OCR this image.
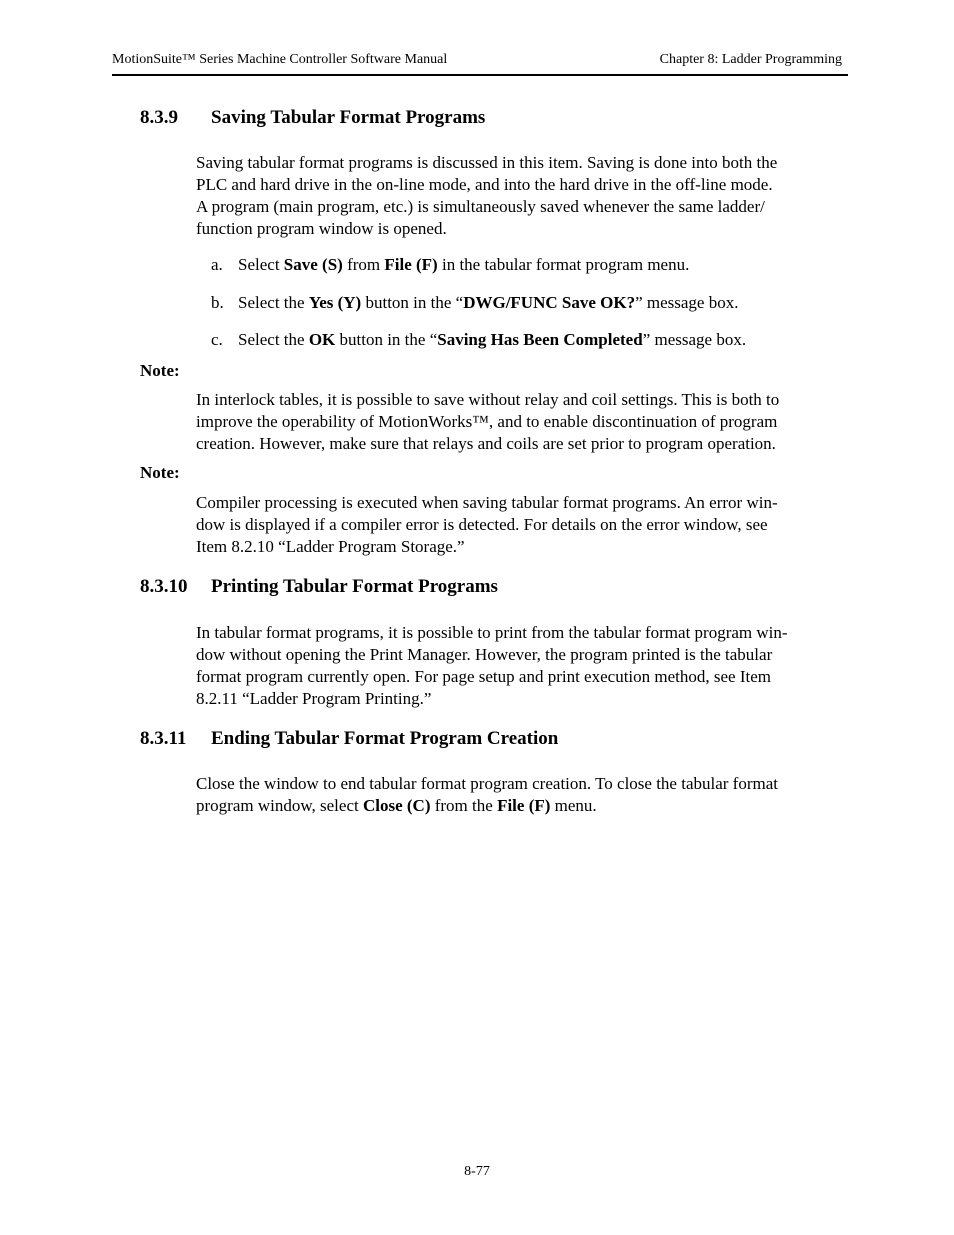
MotionSuite™ Series Machine Controller Software Manual	Chapter 8: Ladder Programming
8.3.9 Saving Tabular Format Programs
Saving tabular format programs is discussed in this item. Saving is done into both the
PLC and hard drive in the on-line mode, and into the hard drive in the off-line mode.
A program (main program, etc.) is simultaneously saved whenever the same ladder/
function program window is opened.
a. Select Save (S) from File (F) in the tabular format program menu.
b. Select the Yes (Y) button in the “DWG/FUNC Save OK?” message box.
c. Select the OK button in the “Saving Has Been Completed” message box.
Note:
In interlock tables, it is possible to save without relay and coil settings. This is both to
improve the operability of MotionWorks™, and to enable discontinuation of program
creation. However, make sure that relays and coils are set prior to program operation.
Note:
Compiler processing is executed when saving tabular format programs. An error win-
dow is displayed if a compiler error is detected. For details on the error window, see
Item 8.2.10 “Ladder Program Storage.”
8.3.10 Printing Tabular Format Programs
In tabular format programs, it is possible to print from the tabular format program win-
dow without opening the Print Manager. However, the program printed is the tabular
format program currently open. For page setup and print execution method, see Item
8.2.11 “Ladder Program Printing.”
8.3.11 Ending Tabular Format Program Creation
Close the window to end tabular format program creation. To close the tabular format
program window, select Close (C) from the File (F) menu.
8-77
